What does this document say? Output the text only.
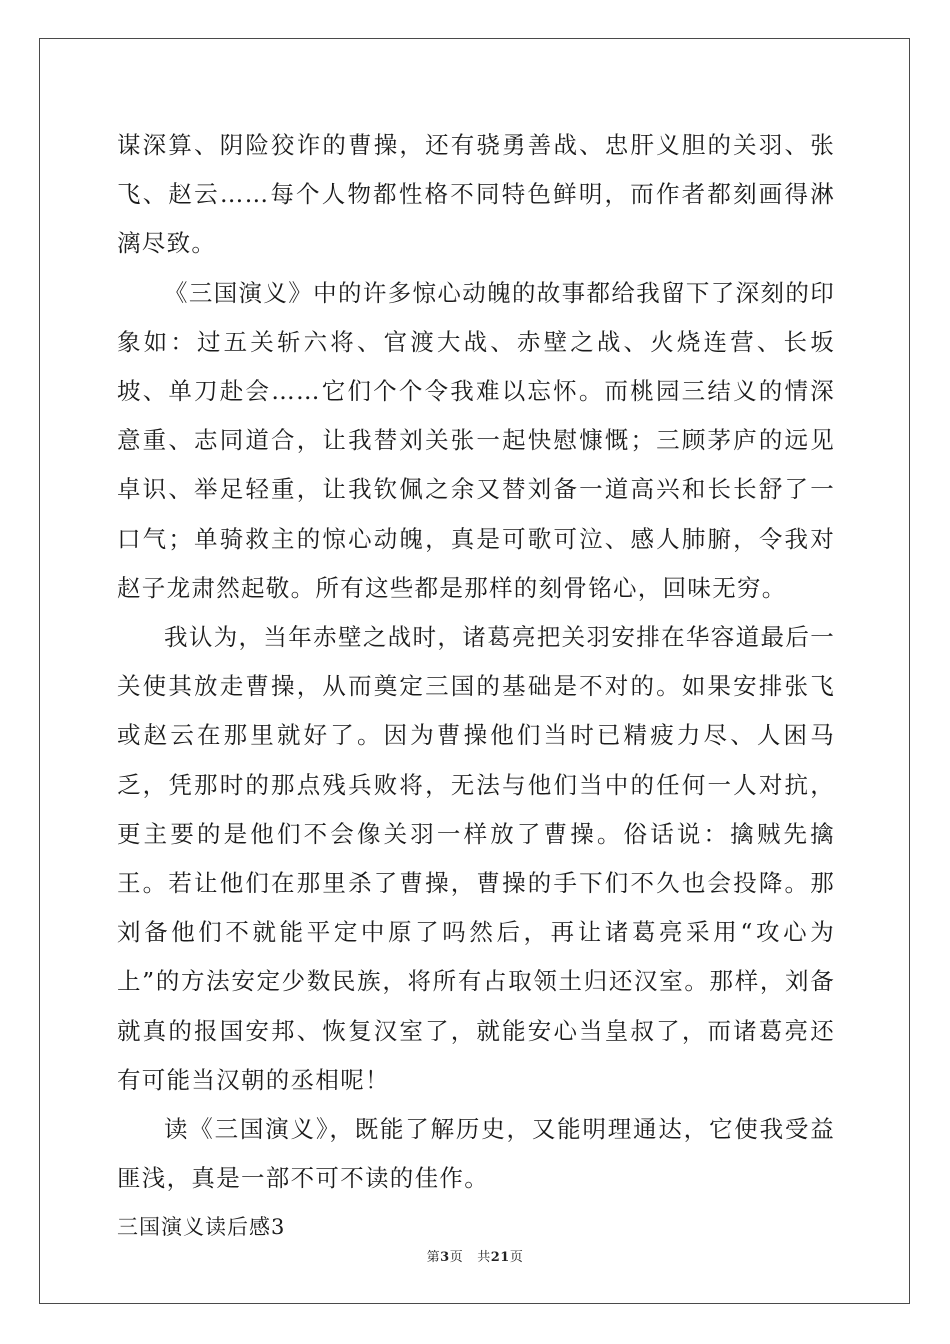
谋深算、阴险狡诈的曹操，还有骁勇善战、忠肝义胆的关羽、张飞、赵云……每个人物都性格不同特色鲜明，而作者都刻画得淋漓尽致。

《三国演义》中的许多惊心动魄的故事都给我留下了深刻的印象如：过五关斩六将、官渡大战、赤壁之战、火烧连营、长坂坡、单刀赴会……它们个个令我难以忘怀。而桃园三结义的情深意重、志同道合，让我替刘关张一起快慰慷慨；三顾茅庐的远见卓识、举足轻重，让我钦佩之余又替刘备一道高兴和长长舒了一口气；单骑救主的惊心动魄，真是可歌可泣、感人肺腑，令我对赵子龙肃然起敬。所有这些都是那样的刻骨铭心，回味无穷。

我认为，当年赤壁之战时，诸葛亮把关羽安排在华容道最后一关使其放走曹操，从而奠定三国的基础是不对的。如果安排张飞或赵云在那里就好了。因为曹操他们当时已精疲力尽、人困马乏，凭那时的那点残兵败将，无法与他们当中的任何一人对抗，更主要的是他们不会像关羽一样放了曹操。俗话说：擒贼先擒王。若让他们在那里杀了曹操，曹操的手下们不久也会投降。那刘备他们不就能平定中原了吗然后，再让诸葛亮采用“攻心为上”的方法安定少数民族，将所有占取领土归还汉室。那样，刘备就真的报国安邦、恢复汉室了，就能安心当皇叔了，而诸葛亮还有可能当汉朝的丞相呢！

读《三国演义》，既能了解历史，又能明理通达，它使我受益匪浅，真是一部不可不读的佳作。

三国演义读后感3

第3页 共21页
